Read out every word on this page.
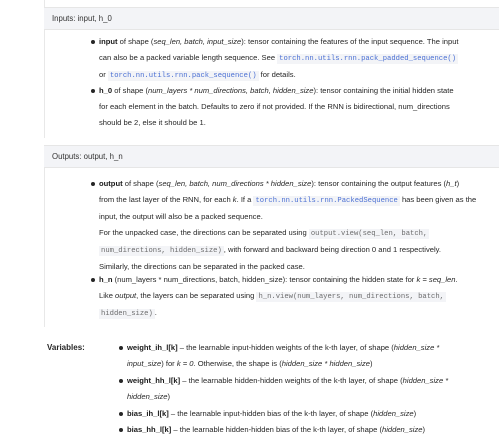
Inputs: input, h_0
input of shape (seq_len, batch, input_size): tensor containing the features of the input sequence. The input
can also be a packed variable length sequence. See torch.nn.utils.rnn.pack_padded_sequence()
or torch.nn.utils.rnn.pack_sequence() for details.
h_0 of shape (num_layers * num_directions, batch, hidden_size): tensor containing the initial hidden state
for each element in the batch. Defaults to zero if not provided. If the RNN is bidirectional, num_directions
should be 2, else it should be 1.
Outputs: output, h_n
output of shape (seq_len, batch, num_directions * hidden_size): tensor containing the output features (h_t)
from the last layer of the RNN, for each k. If a torch.nn.utils.rnn.PackedSequence has been given as the
input, the output will also be a packed sequence.
For the unpacked case, the directions can be separated using output.view(seq_len, batch,
num_directions, hidden_size) , with forward and backward being direction 0 and 1 respectively.
Similarly, the directions can be separated in the packed case.
h_n (num_layers * num_directions, batch, hidden_size): tensor containing the hidden state for k = seq_len.
Like output, the layers can be separated using h_n.view(num_layers, num_directions, batch,
hidden_size) .
Variables:	weight_ih_l[k] – the learnable input-hidden weights of the k-th layer, of shape (hidden_size *
input_size) for k = 0. Otherwise, the shape is (hidden_size * hidden_size)
weight_hh_l[k] – the learnable hidden-hidden weights of the k-th layer, of shape (hidden_size *
hidden_size)
bias_ih_l[k] – the learnable input-hidden bias of the k-th layer, of shape (hidden_size)
bias_hh_l[k] – the learnable hidden-hidden bias of the k-th layer, of shape (hidden_size)
